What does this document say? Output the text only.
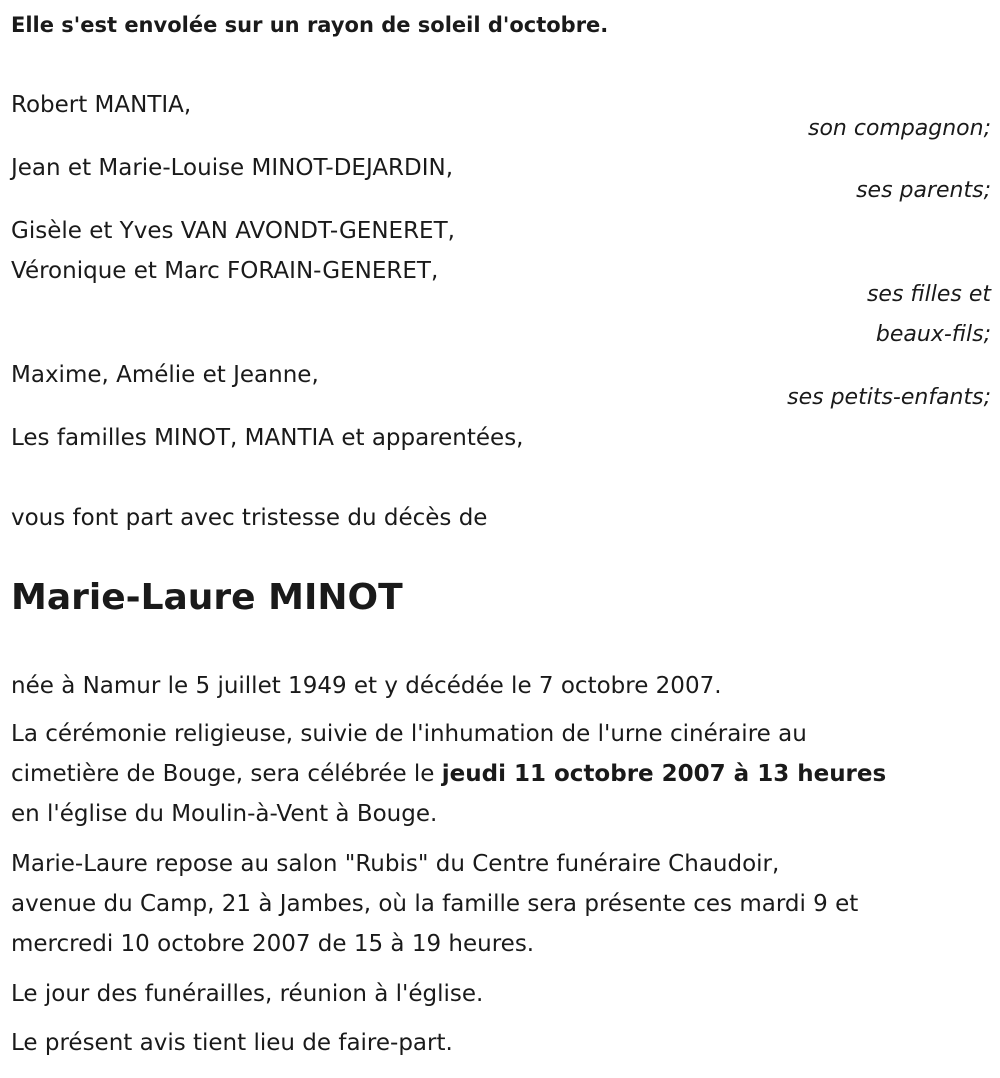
Elle s'est envolée sur un rayon de soleil d'octobre.
Robert MANTIA,
son compagnon;
Jean et Marie-Louise MINOT-DEJARDIN,
ses parents;
Gisèle et Yves VAN AVONDT-GENERET,
Véronique et Marc FORAIN-GENERET,
ses filles et
beaux-fils;
Maxime, Amélie et Jeanne,
ses petits-enfants;
Les familles MINOT, MANTIA et apparentées,
vous font part avec tristesse du décès de
Marie-Laure MINOT
née à Namur le 5 juillet 1949 et y décédée le 7 octobre 2007.
La cérémonie religieuse, suivie de l'inhumation de l'urne cinéraire au
cimetière de Bouge, sera célébrée le jeudi 11 octobre 2007 à 13 heures
en l'église du Moulin-à-Vent à Bouge.
Marie-Laure repose au salon "Rubis" du Centre funéraire Chaudoir,
avenue du Camp, 21 à Jambes, où la famille sera présente ces mardi 9 et
mercredi 10 octobre 2007 de 15 à 19 heures.
Le jour des funérailles, réunion à l'église.
Le présent avis tient lieu de faire-part.
